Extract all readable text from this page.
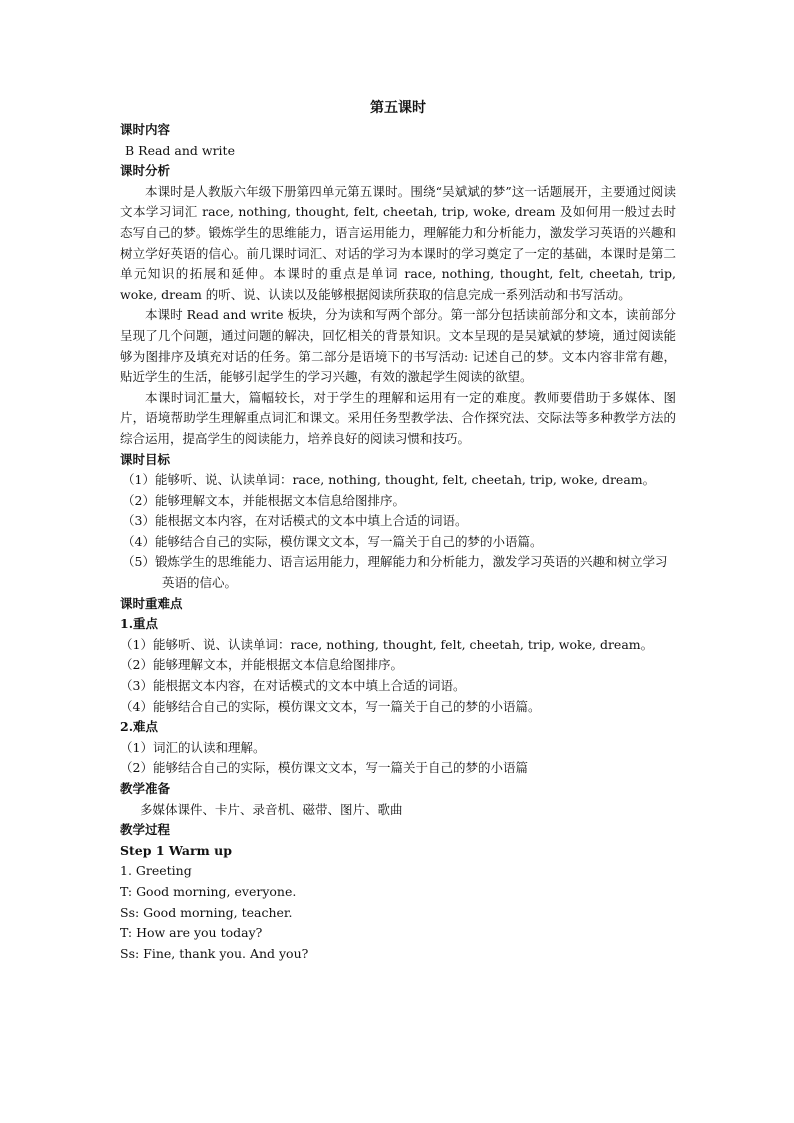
第五课时

课时内容

B Read and write

课时分析

本课时是人教版六年级下册第四单元第五课时。围绕“吴斌斌的梦”这一话题展开，主要通过阅读文本学习词汇 race, nothing, thought, felt, cheetah, trip, woke, dream 及如何用一般过去时态写自己的梦。锻炼学生的思维能力，语言运用能力，理解能力和分析能力，激发学习英语的兴趣和树立学好英语的信心。前几课时词汇、对话的学习为本课时的学习奠定了一定的基础，本课时是第二单元知识的拓展和延伸。本课时的重点是单词 race, nothing, thought, felt, cheetah, trip, woke, dream 的听、说、认读以及能够根据阅读所获取的信息完成一系列活动和书写活动。

本课时 Read and write 板块，分为读和写两个部分。第一部分包括读前部分和文本，读前部分呈现了几个问题，通过问题的解决，回忆相关的背景知识。文本呈现的是吴斌斌的梦境，通过阅读能够为图排序及填充对话的任务。第二部分是语境下的书写活动: 记述自己的梦。文本内容非常有趣，贴近学生的生活，能够引起学生的学习兴趣，有效的激起学生阅读的欲望。

本课时词汇量大，篇幅较长，对于学生的理解和运用有一定的难度。教师要借助于多媒体、图片，语境帮助学生理解重点词汇和课文。采用任务型教学法、合作探究法、交际法等多种教学方法的综合运用，提高学生的阅读能力，培养良好的阅读习惯和技巧。

课时目标

（1）能够听、说、认读单词：race, nothing, thought, felt, cheetah, trip, woke, dream。
（2）能够理解文本，并能根据文本信息给图排序。
（3）能根据文本内容，在对话模式的文本中填上合适的词语。
（4）能够结合自己的实际，模仿课文文本，写一篇关于自己的梦的小语篇。
（5）锻炼学生的思维能力、语言运用能力，理解能力和分析能力，激发学习英语的兴趣和树立学习英语的信心。

课时重难点

1.重点

（1）能够听、说、认读单词：race, nothing, thought, felt, cheetah, trip, woke, dream。
（2）能够理解文本，并能根据文本信息给图排序。
（3）能根据文本内容，在对话模式的文本中填上合适的词语。
（4）能够结合自己的实际，模仿课文文本，写一篇关于自己的梦的小语篇。

2.难点

（1）词汇的认读和理解。
（2）能够结合自己的实际，模仿课文文本，写一篇关于自己的梦的小语篇

教学准备

多媒体课件、卡片、录音机、磁带、图片、歌曲

教学过程

Step 1 Warm up

1. Greeting

T: Good morning, everyone.

Ss: Good morning, teacher.

T: How are you today?

Ss: Fine, thank you. And you?
